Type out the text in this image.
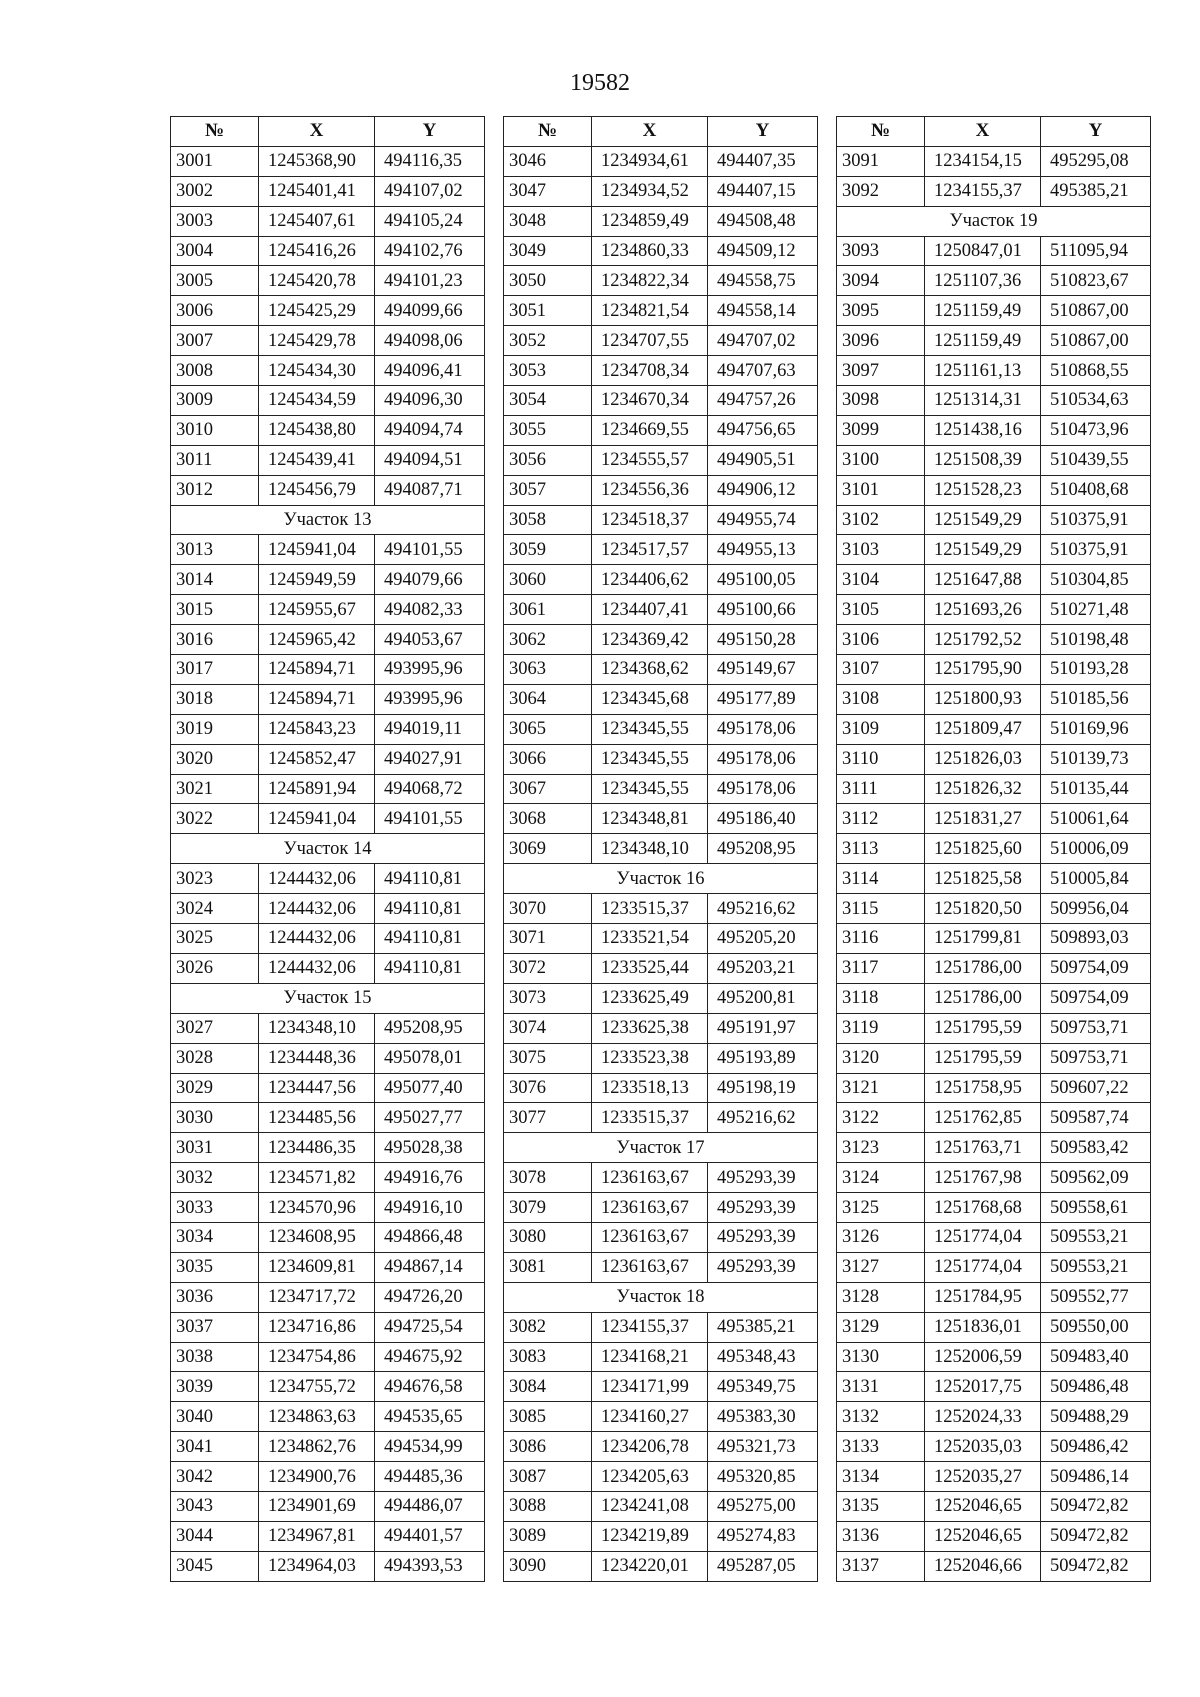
19582
№	X	Y
3001	1245368,90	494116,35
3002	1245401,41	494107,02
3003	1245407,61	494105,24
3004	1245416,26	494102,76
3005	1245420,78	494101,23
3006	1245425,29	494099,66
3007	1245429,78	494098,06
3008	1245434,30	494096,41
3009	1245434,59	494096,30
3010	1245438,80	494094,74
3011	1245439,41	494094,51
3012	1245456,79	494087,71
Участок 13		
3013	1245941,04	494101,55
3014	1245949,59	494079,66
3015	1245955,67	494082,33
3016	1245965,42	494053,67
3017	1245894,71	493995,96
3018	1245894,71	493995,96
3019	1245843,23	494019,11
3020	1245852,47	494027,91
3021	1245891,94	494068,72
3022	1245941,04	494101,55
Участок 14		
3023	1244432,06	494110,81
3024	1244432,06	494110,81
3025	1244432,06	494110,81
3026	1244432,06	494110,81
Участок 15		
3027	1234348,10	495208,95
3028	1234448,36	495078,01
3029	1234447,56	495077,40
3030	1234485,56	495027,77
3031	1234486,35	495028,38
3032	1234571,82	494916,76
3033	1234570,96	494916,10
3034	1234608,95	494866,48
3035	1234609,81	494867,14
3036	1234717,72	494726,20
3037	1234716,86	494725,54
3038	1234754,86	494675,92
3039	1234755,72	494676,58
3040	1234863,63	494535,65
3041	1234862,76	494534,99
3042	1234900,76	494485,36
3043	1234901,69	494486,07
3044	1234967,81	494401,57
3045	1234964,03	494393,53
№	X	Y
3046	1234934,61	494407,35
3047	1234934,52	494407,15
3048	1234859,49	494508,48
3049	1234860,33	494509,12
3050	1234822,34	494558,75
3051	1234821,54	494558,14
3052	1234707,55	494707,02
3053	1234708,34	494707,63
3054	1234670,34	494757,26
3055	1234669,55	494756,65
3056	1234555,57	494905,51
3057	1234556,36	494906,12
3058	1234518,37	494955,74
3059	1234517,57	494955,13
3060	1234406,62	495100,05
3061	1234407,41	495100,66
3062	1234369,42	495150,28
3063	1234368,62	495149,67
3064	1234345,68	495177,89
3065	1234345,55	495178,06
3066	1234345,55	495178,06
3067	1234345,55	495178,06
3068	1234348,81	495186,40
3069	1234348,10	495208,95
Участок 16		
3070	1233515,37	495216,62
3071	1233521,54	495205,20
3072	1233525,44	495203,21
3073	1233625,49	495200,81
3074	1233625,38	495191,97
3075	1233523,38	495193,89
3076	1233518,13	495198,19
3077	1233515,37	495216,62
Участок 17		
3078	1236163,67	495293,39
3079	1236163,67	495293,39
3080	1236163,67	495293,39
3081	1236163,67	495293,39
Участок 18		
3082	1234155,37	495385,21
3083	1234168,21	495348,43
3084	1234171,99	495349,75
3085	1234160,27	495383,30
3086	1234206,78	495321,73
3087	1234205,63	495320,85
3088	1234241,08	495275,00
3089	1234219,89	495274,83
3090	1234220,01	495287,05
№	X	Y
3091	1234154,15	495295,08
3092	1234155,37	495385,21
Участок 19		
3093	1250847,01	511095,94
3094	1251107,36	510823,67
3095	1251159,49	510867,00
3096	1251159,49	510867,00
3097	1251161,13	510868,55
3098	1251314,31	510534,63
3099	1251438,16	510473,96
3100	1251508,39	510439,55
3101	1251528,23	510408,68
3102	1251549,29	510375,91
3103	1251549,29	510375,91
3104	1251647,88	510304,85
3105	1251693,26	510271,48
3106	1251792,52	510198,48
3107	1251795,90	510193,28
3108	1251800,93	510185,56
3109	1251809,47	510169,96
3110	1251826,03	510139,73
3111	1251826,32	510135,44
3112	1251831,27	510061,64
3113	1251825,60	510006,09
3114	1251825,58	510005,84
3115	1251820,50	509956,04
3116	1251799,81	509893,03
3117	1251786,00	509754,09
3118	1251786,00	509754,09
3119	1251795,59	509753,71
3120	1251795,59	509753,71
3121	1251758,95	509607,22
3122	1251762,85	509587,74
3123	1251763,71	509583,42
3124	1251767,98	509562,09
3125	1251768,68	509558,61
3126	1251774,04	509553,21
3127	1251774,04	509553,21
3128	1251784,95	509552,77
3129	1251836,01	509550,00
3130	1252006,59	509483,40
3131	1252017,75	509486,48
3132	1252024,33	509488,29
3133	1252035,03	509486,42
3134	1252035,27	509486,14
3135	1252046,65	509472,82
3136	1252046,65	509472,82
3137	1252046,66	509472,82
